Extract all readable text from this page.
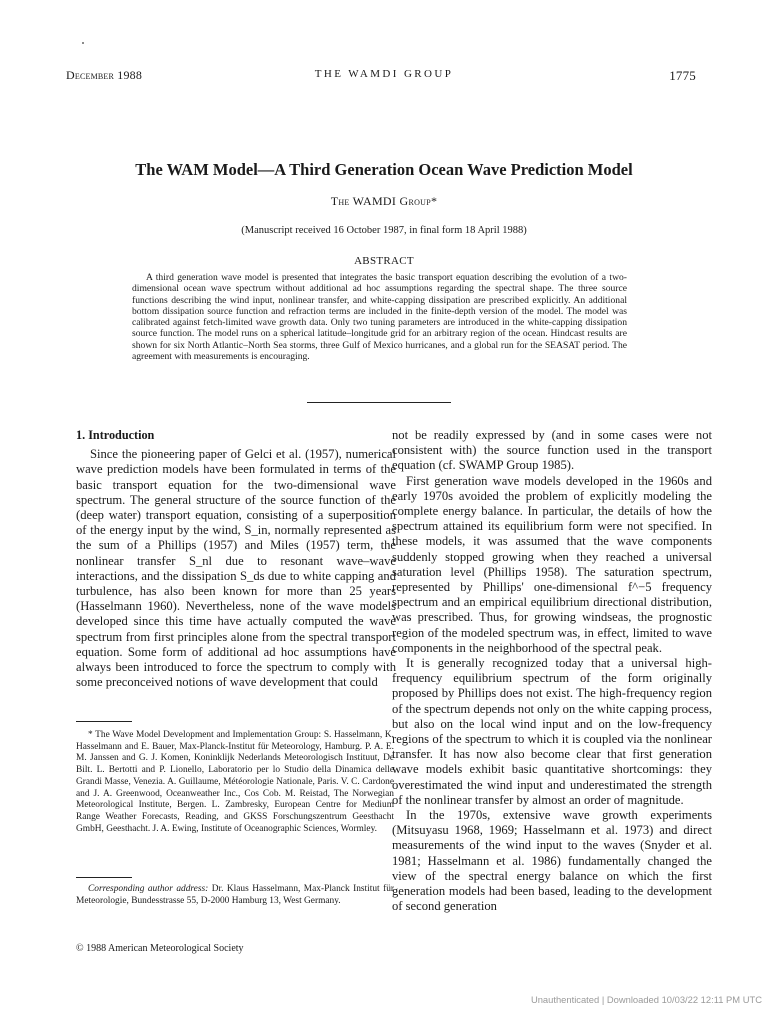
December 1988	THE WAMDI GROUP	1775
The WAM Model—A Third Generation Ocean Wave Prediction Model
The WAMDI Group*
(Manuscript received 16 October 1987, in final form 18 April 1988)
ABSTRACT
A third generation wave model is presented that integrates the basic transport equation describing the evolution of a two-dimensional ocean wave spectrum without additional ad hoc assumptions regarding the spectral shape. The three source functions describing the wind input, nonlinear transfer, and white-capping dissipation are prescribed explicitly. An additional bottom dissipation source function and refraction terms are included in the finite-depth version of the model. The model was calibrated against fetch-limited wave growth data. Only two tuning parameters are introduced in the white-capping dissipation source function. The model runs on a spherical latitude–longitude grid for an arbitrary region of the ocean. Hindcast results are shown for six North Atlantic–North Sea storms, three Gulf of Mexico hurricanes, and a global run for the SEASAT period. The agreement with measurements is encouraging.

1. Introduction

Since the pioneering paper of Gelci et al. (1957), numerical wave prediction models have been formulated in terms of the basic transport equation for the two-dimensional wave spectrum. The general structure of the source function of the (deep water) transport equation, consisting of a superposition of the energy input by the wind, S_in, normally represented as the sum of a Phillips (1957) and Miles (1957) term, the nonlinear transfer S_nl due to resonant wave–wave interactions, and the dissipation S_ds due to white capping and turbulence, has also been known for more than 25 years (Hasselmann 1960). Nevertheless, none of the wave models developed since this time have actually computed the wave spectrum from first principles alone from the spectral transport equation. Some form of additional ad hoc assumptions have always been introduced to force the spectrum to comply with some preconceived notions of wave development that could

not be readily expressed by (and in some cases were not consistent with) the source function used in the transport equation (cf. SWAMP Group 1985).

First generation wave models developed in the 1960s and early 1970s avoided the problem of explicitly modeling the complete energy balance. In particular, the details of how the spectrum attained its equilibrium form were not specified. In these models, it was assumed that the wave components suddenly stopped growing when they reached a universal saturation level (Phillips 1958). The saturation spectrum, represented by Phillips' one-dimensional f^−5 frequency spectrum and an empirical equilibrium directional distribution, was prescribed. Thus, for growing windseas, the prognostic region of the modeled spectrum was, in effect, limited to wave components in the neighborhood of the spectral peak.

It is generally recognized today that a universal high-frequency equilibrium spectrum of the form originally proposed by Phillips does not exist. The high-frequency region of the spectrum depends not only on the white capping process, but also on the local wind input and on the low-frequency regions of the spectrum to which it is coupled via the nonlinear transfer. It has now also become clear that first generation wave models exhibit basic quantitative shortcomings: they overestimated the wind input and underestimated the strength of the nonlinear transfer by almost an order of magnitude.

In the 1970s, extensive wave growth experiments (Mitsuyasu 1968, 1969; Hasselmann et al. 1973) and direct measurements of the wind input to the waves (Snyder et al. 1981; Hasselmann et al. 1986) fundamentally changed the view of the spectral energy balance on which the first generation models had been based, leading to the development of second generation

* The Wave Model Development and Implementation Group: S. Hasselmann, K. Hasselmann and E. Bauer, Max-Planck-Institut für Meteorology, Hamburg. P. A. E. M. Janssen and G. J. Komen, Koninklijk Nederlands Meteorologisch Instituut, De Bilt. L. Bertotti and P. Lionello, Laboratorio per lo Studio della Dinamica delle Grandi Masse, Venezia. A. Guillaume, Météorologie Nationale, Paris. V. C. Cardone and J. A. Greenwood, Oceanweather Inc., Cos Cob. M. Reistad, The Norwegian Meteorological Institute, Bergen. L. Zambresky, European Centre for Medium Range Weather Forecasts, Reading, and GKSS Forschungszentrum Geesthacht GmbH, Geesthacht. J. A. Ewing, Institute of Oceanographic Sciences, Wormley.
Corresponding author address: Dr. Klaus Hasselmann, Max-Planck Institut für Meteorologie, Bundesstrasse 55, D-2000 Hamburg 13, West Germany.
© 1988 American Meteorological Society
Unauthenticated | Downloaded 10/03/22 12:11 PM UTC
